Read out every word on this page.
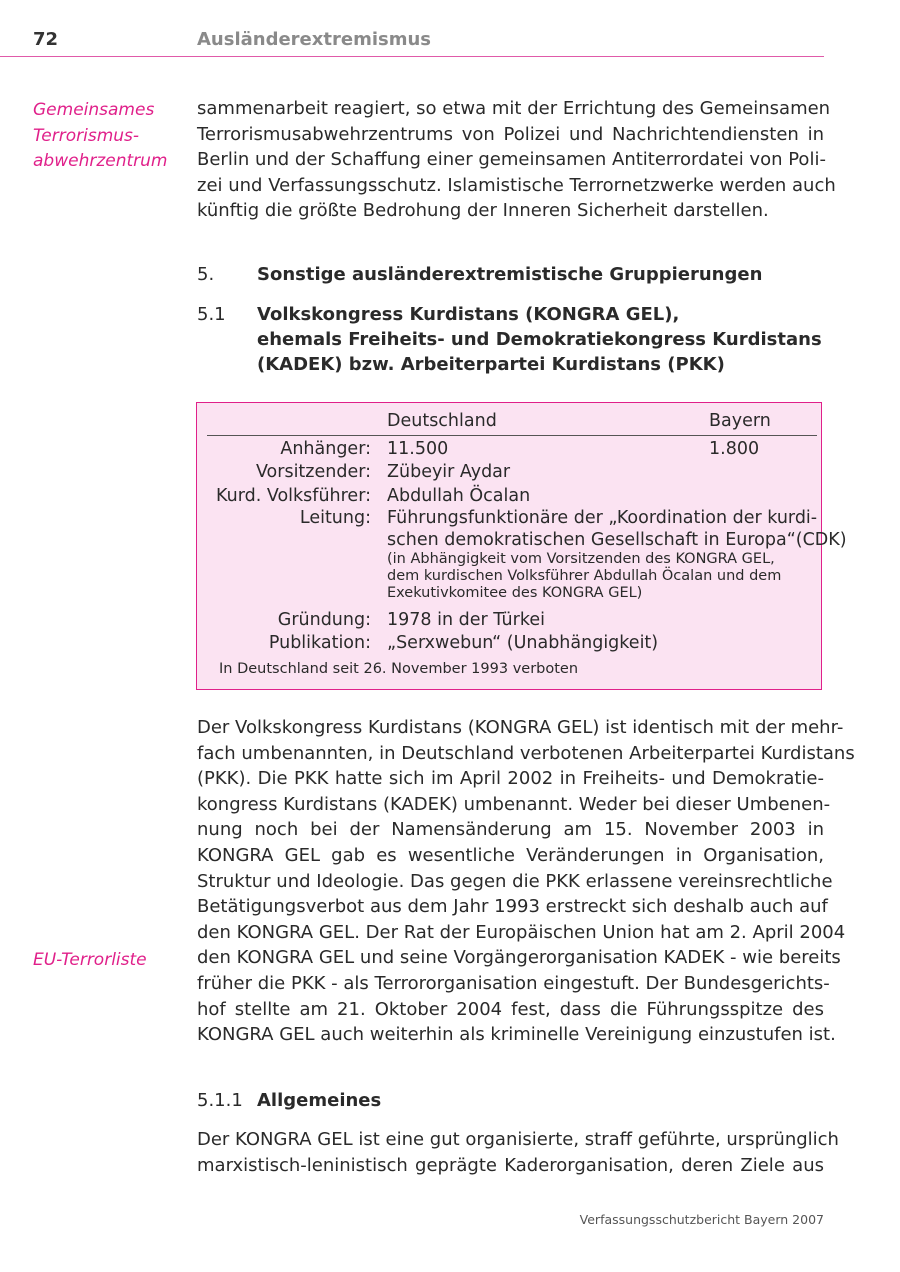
72	Ausländerextremismus
Gemeinsames
Terrorismus-
abwehrzentrum
EU-Terrorliste
sammenarbeit reagiert, so etwa mit der Errichtung des Gemeinsamen
Terrorismusabwehrzentrums von Polizei und Nachrichtendiensten in
Berlin und der Schaffung einer gemeinsamen Antiterrordatei von Poli-
zei und Verfassungsschutz. Islamistische Terrornetzwerke werden auch
künftig die größte Bedrohung der Inneren Sicherheit darstellen.
5. Sonstige ausländerextremistische Gruppierungen
5.1 Volkskongress Kurdistans (KONGRA GEL),
ehemals Freiheits- und Demokratiekongress Kurdistans
(KADEK) bzw. Arbeiterpartei Kurdistans (PKK)
Deutschland	Bayern
Anhänger: 11.500	1.800
Vorsitzender: Zübeyir Aydar
Kurd. Volksführer: Abdullah Öcalan
Leitung: Führungsfunktionäre der „Koordination der kurdi-
schen demokratischen Gesellschaft in Europa“(CDK)
(in Abhängigkeit vom Vorsitzenden des KONGRA GEL,
dem kurdischen Volksführer Abdullah Öcalan und dem
Exekutivkomitee des KONGRA GEL)
Gründung: 1978 in der Türkei
Publikation: „Serxwebun“ (Unabhängigkeit)
In Deutschland seit 26. November 1993 verboten
Der Volkskongress Kurdistans (KONGRA GEL) ist identisch mit der mehr-
fach umbenannten, in Deutschland verbotenen Arbeiterpartei Kurdistans
(PKK). Die PKK hatte sich im April 2002 in Freiheits- und Demokratie-
kongress Kurdistans (KADEK) umbenannt. Weder bei dieser Umbenen-
nung noch bei der Namensänderung am 15. November 2003 in
KONGRA GEL gab es wesentliche Veränderungen in Organisation,
Struktur und Ideologie. Das gegen die PKK erlassene vereinsrechtliche
Betätigungsverbot aus dem Jahr 1993 erstreckt sich deshalb auch auf
den KONGRA GEL. Der Rat der Europäischen Union hat am 2. April 2004
den KONGRA GEL und seine Vorgängerorganisation KADEK - wie bereits
früher die PKK - als Terrororganisation eingestuft. Der Bundesgerichts-
hof stellte am 21. Oktober 2004 fest, dass die Führungsspitze des
KONGRA GEL auch weiterhin als kriminelle Vereinigung einzustufen ist.
5.1.1 Allgemeines
Der KONGRA GEL ist eine gut organisierte, straff geführte, ursprünglich
marxistisch-leninistisch geprägte Kaderorganisation, deren Ziele aus
Verfassungsschutzbericht Bayern 2007
